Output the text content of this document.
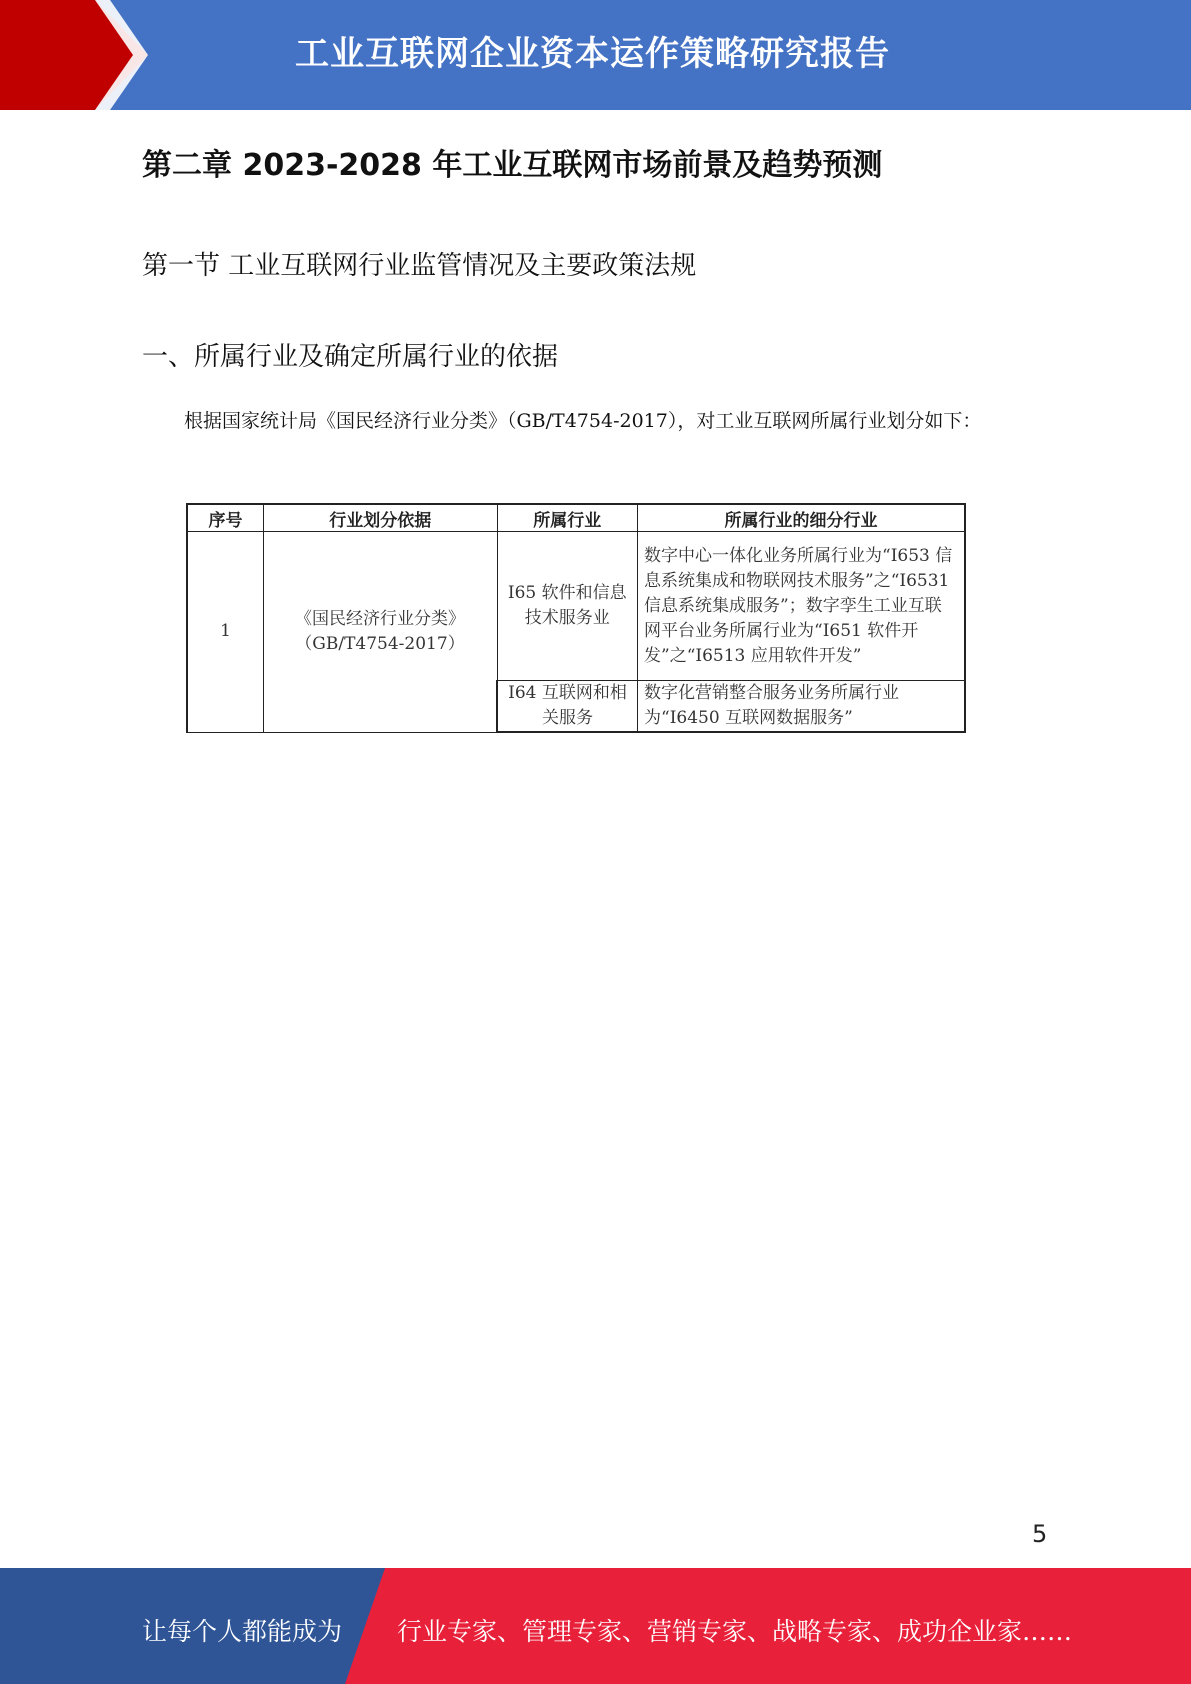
工业互联网企业资本运作策略研究报告
第二章 2023-2028 年工业互联网市场前景及趋势预测
第一节 工业互联网行业监管情况及主要政策法规
一、所属行业及确定所属行业的依据
根据国家统计局《国民经济行业分类》（GB/T4754-2017），对工业互联网所属行业划分如下：
序号	行业划分依据	所属行业	所属行业的细分行业
1	《国民经济行业分类》（GB/T4754-2017）	I65 软件和信息技术服务业	数字中心一体化业务所属行业为“I653 信息系统集成和物联网技术服务”之“I6531 信息系统集成服务”；数字孪生工业互联网平台业务所属行业为“I651 软件开发”之“I6513 应用软件开发”
		I64 互联网和相关服务	数字化营销整合服务业务所属行业为“I6450 互联网数据服务”
5
让每个人都能成为 行业专家、管理专家、营销专家、战略专家、成功企业家……
